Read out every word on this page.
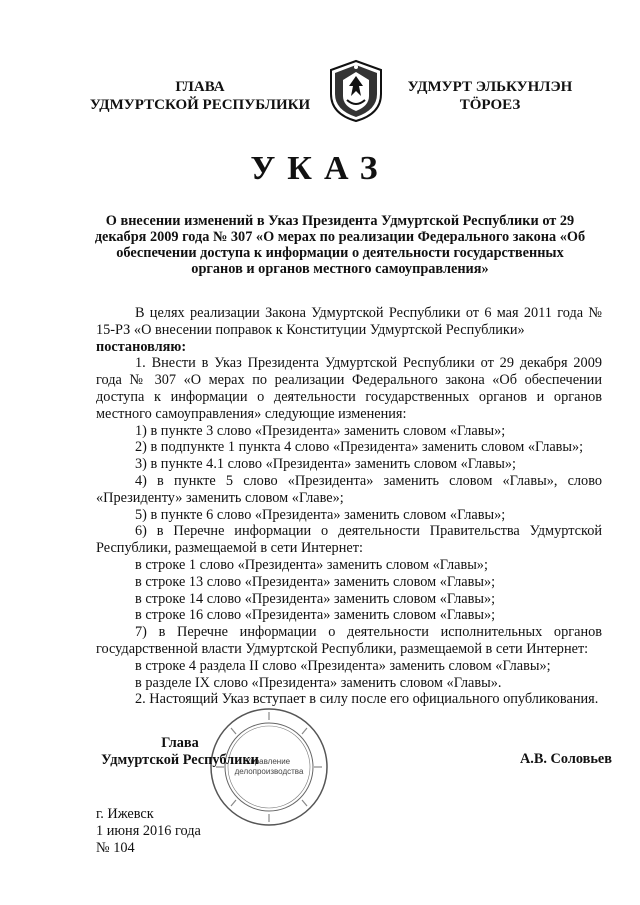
ГЛАВА
УДМУРТСКОЙ РЕСПУБЛИКИ
УДМУРТ ЭЛЬКУНЛЭН
ТӦРОЕЗ
УКАЗ
О внесении изменений в Указ Президента Удмуртской Республики от 29 декабря 2009 года № 307 «О мерах по реализации Федерального закона «Об обеспечении доступа к информации о деятельности государственных органов и органов местного самоуправления»

В целях реализации Закона Удмуртской Республики от 6 мая 2011 года № 15-РЗ «О внесении поправок к Конституции Удмуртской Республики»
постановляю:

1. Внести в Указ Президента Удмуртской Республики от 29 декабря 2009 года № 307 «О мерах по реализации Федерального закона «Об обеспечении доступа к информации о деятельности государственных органов и органов местного самоуправления» следующие изменения:

1) в пункте 3 слово «Президента» заменить словом «Главы»;

2) в подпункте 1 пункта 4 слово «Президента» заменить словом «Главы»;

3) в пункте 4.1 слово «Президента» заменить словом «Главы»;

4) в пункте 5 слово «Президента» заменить словом «Главы», слово «Президенту» заменить словом «Главе»;

5) в пункте 6 слово «Президента» заменить словом «Главы»;

6) в Перечне информации о деятельности Правительства Удмуртской Республики, размещаемой в сети Интернет:

в строке 1 слово «Президента» заменить словом «Главы»;

в строке 13 слово «Президента» заменить словом «Главы»;

в строке 14 слово «Президента» заменить словом «Главы»;

в строке 16 слово «Президента» заменить словом «Главы»;

7) в Перечне информации о деятельности исполнительных органов государственной власти Удмуртской Республики, размещаемой в сети Интернет:

в строке 4 раздела II слово «Президента» заменить словом «Главы»;

в разделе IX слово «Президента» заменить словом «Главы».

2. Настоящий Указ вступает в силу после его официального опубликования.

Управление делопроизводства
Глава
Удмуртской Республики	А.В. Соловьев
г. Ижевск
1 июня 2016 года
№ 104
